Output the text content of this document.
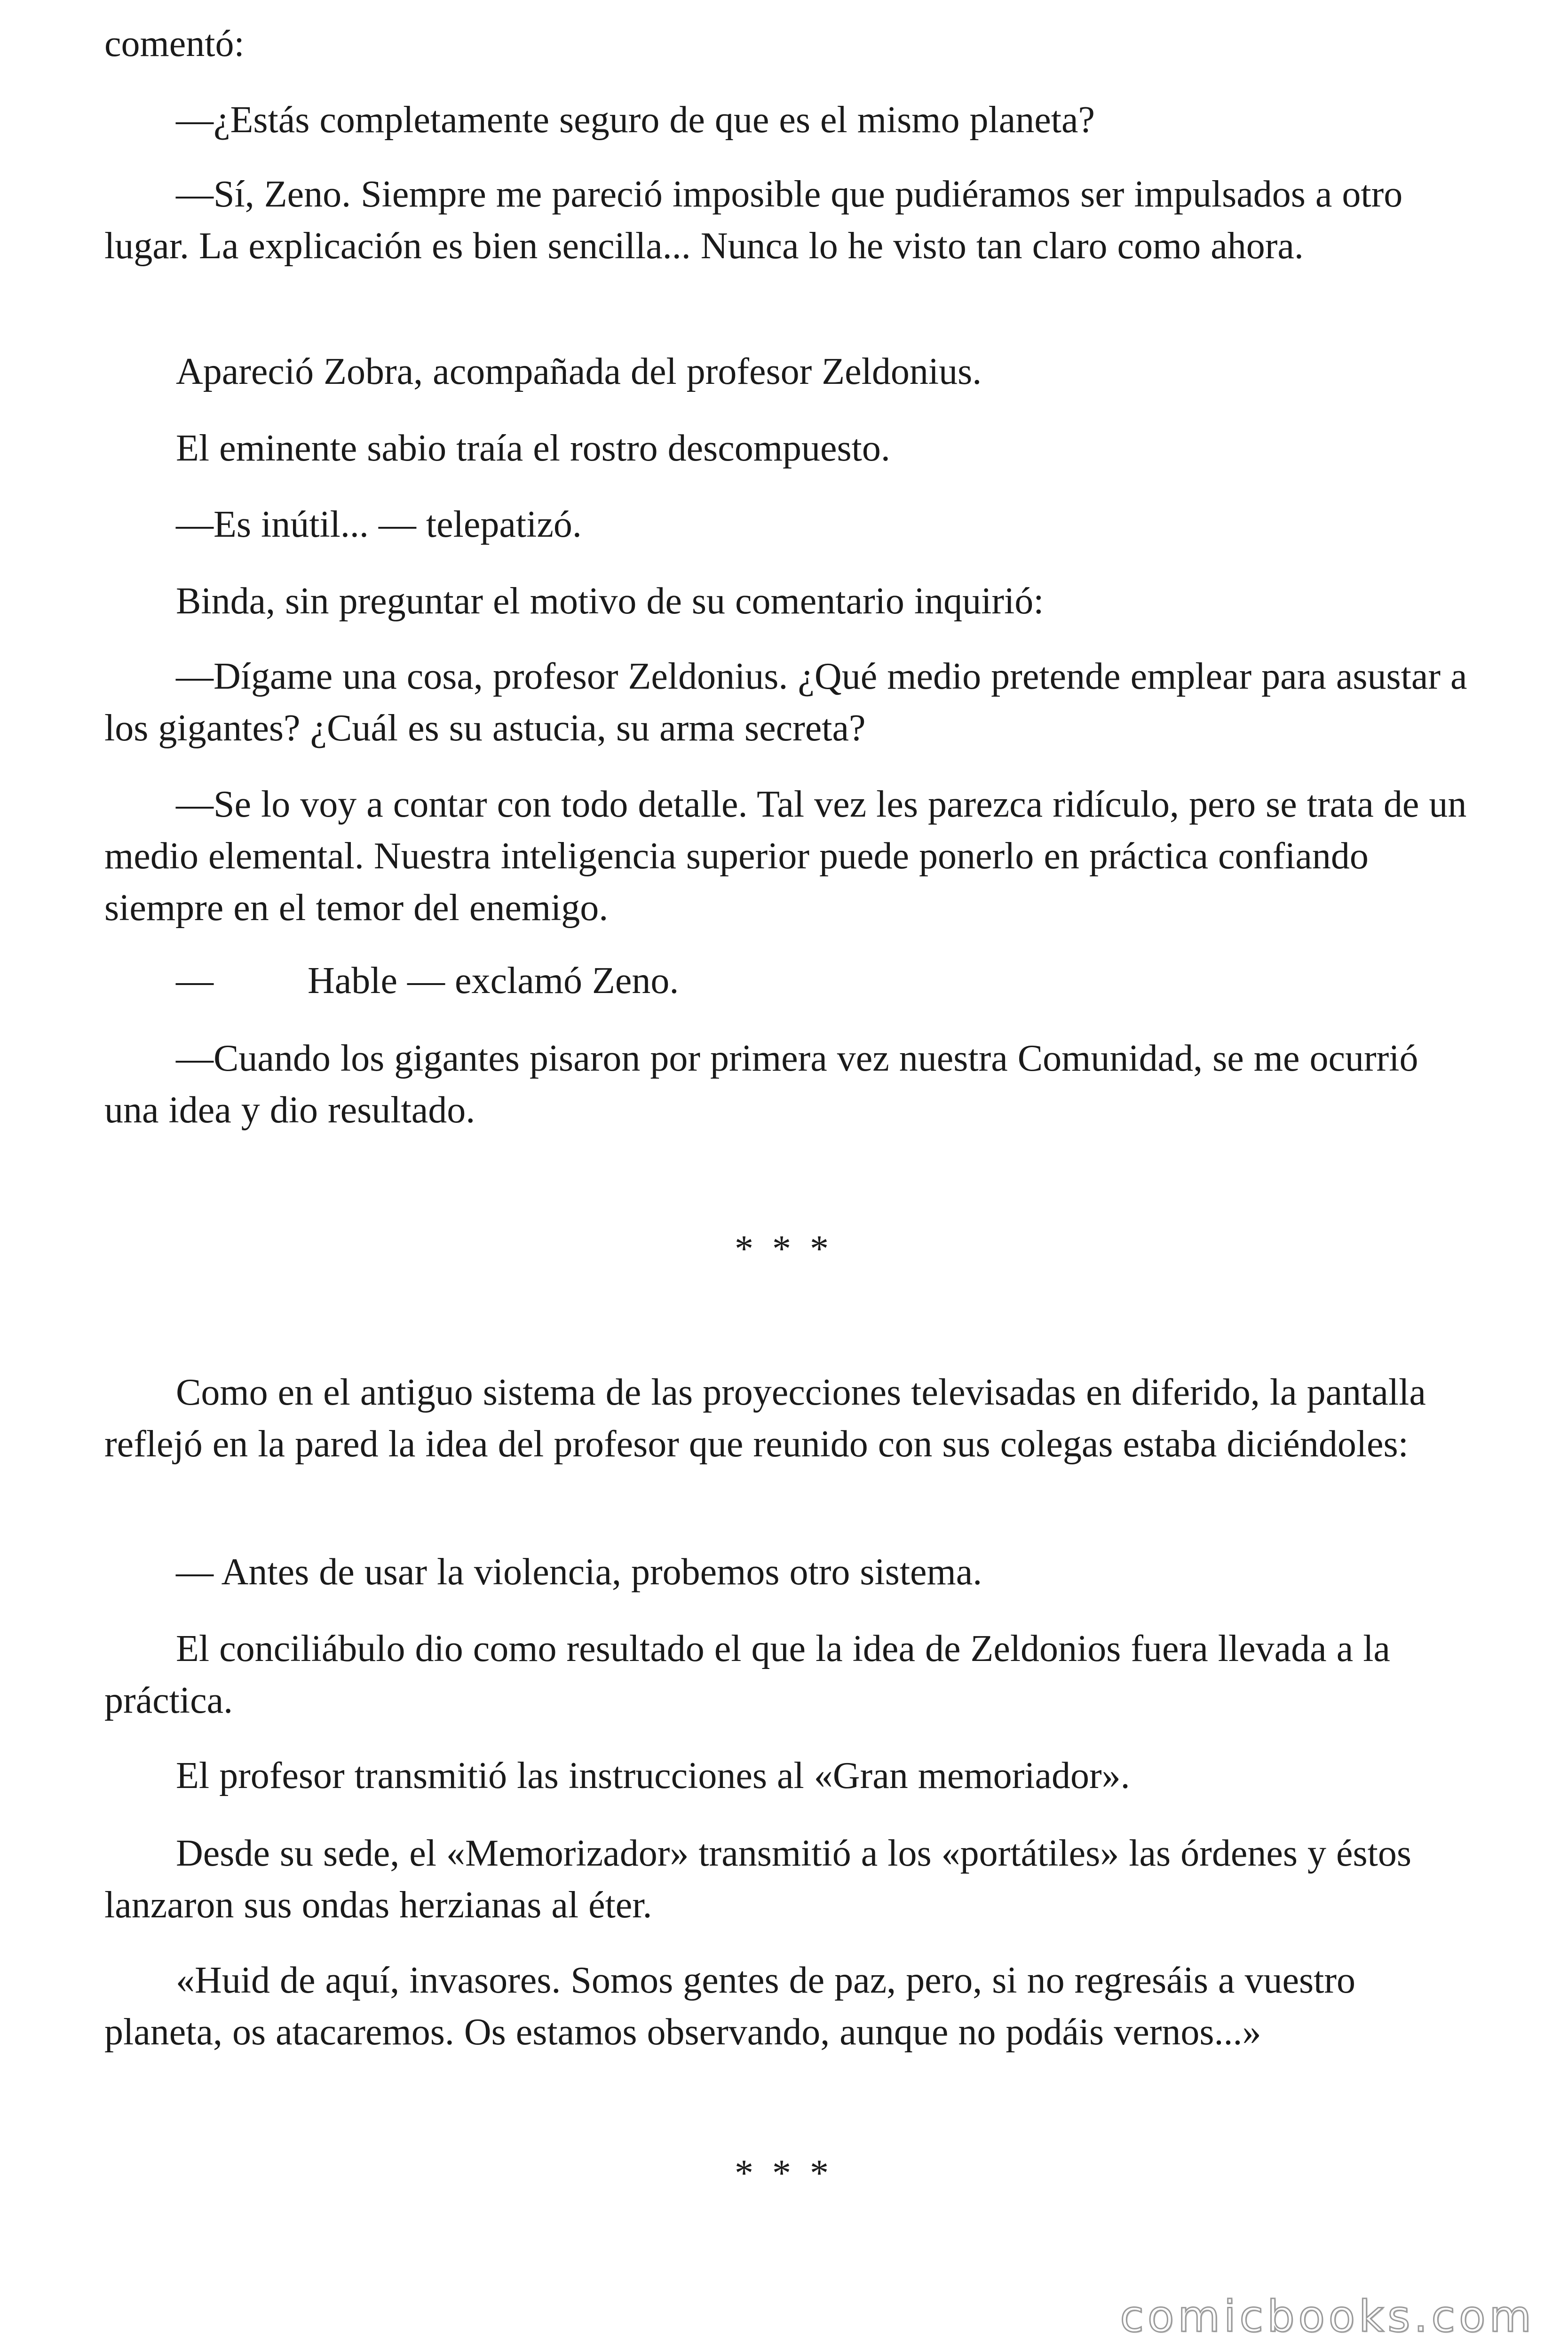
comentó:

—¿Estás completamente seguro de que es el mismo planeta?

—Sí, Zeno. Siempre me pareció imposible que pudiéramos ser impulsados a otro lugar. La explicación es bien sencilla... Nunca lo he visto tan claro como ahora.

Apareció Zobra, acompañada del profesor Zeldonius.

El eminente sabio traía el rostro descompuesto.

—Es inútil... — telepatizó.

Binda, sin preguntar el motivo de su comentario inquirió:

—Dígame una cosa, profesor Zeldonius. ¿Qué medio pretende emplear para asustar a los gigantes? ¿Cuál es su astucia, su arma secreta?

—Se lo voy a contar con todo detalle. Tal vez les parezca ridículo, pero se trata de un medio elemental. Nuestra inteligencia superior puede ponerlo en práctica confiando siempre en el temor del enemigo.

—	Hable — exclamó Zeno.

—Cuando los gigantes pisaron por primera vez nuestra Comunidad, se me ocurrió una idea y dio resultado.

* * *

Como en el antiguo sistema de las proyecciones televisadas en diferido, la pantalla reflejó en la pared la idea del profesor que reunido con sus colegas estaba diciéndoles:

— Antes de usar la violencia, probemos otro sistema.

El conciliábulo dio como resultado el que la idea de Zeldonios fuera llevada a la práctica.

El profesor transmitió las instrucciones al «Gran memoriador».

Desde su sede, el «Memorizador» transmitió a los «portátiles» las órdenes y éstos lanzaron sus ondas herzianas al éter.

«Huid de aquí, invasores. Somos gentes de paz, pero, si no regresáis a vuestro planeta, os atacaremos. Os estamos observando, aunque no podáis vernos...»

* * *

comicbooks.com
